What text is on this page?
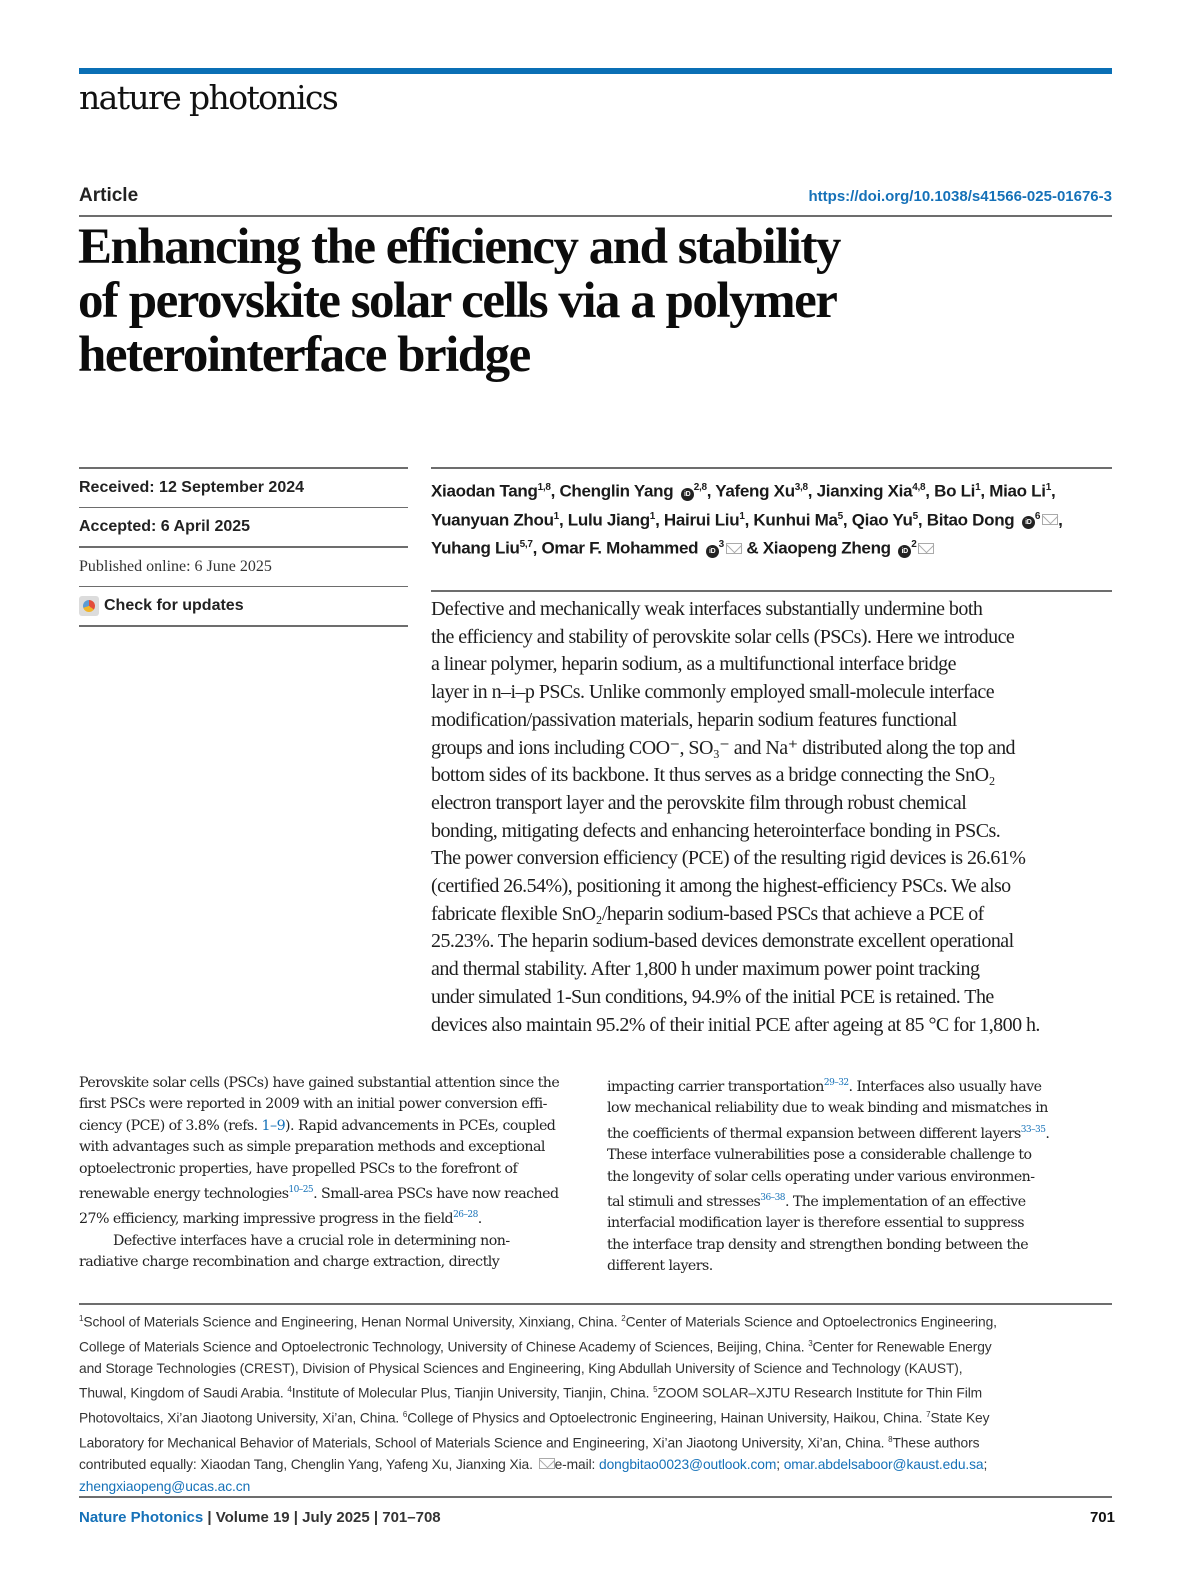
nature photonics
Article	https://doi.org/10.1038/s41566-025-01676-3
Enhancing the efficiency and stability
of perovskite solar cells via a polymer
heterointerface bridge
Received: 12 September 2024
Accepted: 6 April 2025
Published online: 6 June 2025
Check for updates
Xiaodan Tang$^{1,8}$, Chenglin Yang iD$^{2,8}$, Yafeng Xu$^{3,8}$, Jianxing Xia$^{4,8}$, Bo Li$^1$, Miao Li$^1$,
Yuanyuan Zhou$^1$, Lulu Jiang$^1$, Hairui Liu$^1$, Kunhui Ma$^5$, Qiao Yu$^5$, Bitao Dong $iD^6$ ,
Yuhang Liu$^{5,7}$, Omar F. Mohammed $iD^3$ & Xiaopeng Zheng $iD^2$
Defective and mechanically weak interfaces substantially undermine both
the efficiency and stability of perovskite solar cells (PSCs). Here we introduce
a linear polymer, heparin sodium, as a multifunctional interface bridge
layer in n–i–p PSCs. Unlike commonly employed small-molecule interface
modification/passivation materials, heparin sodium features functional
groups and ions including COO⁻, SO₃⁻ and Na⁺ distributed along the top and
bottom sides of its backbone. It thus serves as a bridge connecting the SnO₂
electron transport layer and the perovskite film through robust chemical
bonding, mitigating defects and enhancing heterointerface bonding in PSCs.
The power conversion efficiency (PCE) of the resulting rigid devices is 26.61%
(certified 26.54%), positioning it among the highest-efficiency PSCs. We also
fabricate flexible SnO₂/heparin sodium-based PSCs that achieve a PCE of
25.23%. The heparin sodium-based devices demonstrate excellent operational
and thermal stability. After 1,800 h under maximum power point tracking
under simulated 1-Sun conditions, 94.9% of the initial PCE is retained. The
devices also maintain 95.2% of their initial PCE after ageing at 85 °C for 1,800 h.
Perovskite solar cells (PSCs) have gained substantial attention since the
first PSCs were reported in 2009 with an initial power conversion effi-
ciency (PCE) of 3.8% (refs. 1–9). Rapid advancements in PCEs, coupled
with advantages such as simple preparation methods and exceptional
optoelectronic properties, have propelled PSCs to the forefront of
renewable energy technologies$^{10-25}$. Small-area PSCs have now reached
27% efficiency, marking impressive progress in the field$^{26-28}$.
Defective interfaces have a crucial role in determining non-
radiative charge recombination and charge extraction, directly
impacting carrier transportation$^{29-32}$. Interfaces also usually have
low mechanical reliability due to weak binding and mismatches in
the coefficients of thermal expansion between different layers$^{33-35}$.
These interface vulnerabilities pose a considerable challenge to
the longevity of solar cells operating under various environmen-
tal stimuli and stresses$^{36-38}$. The implementation of an effective
interfacial modification layer is therefore essential to suppress
the interface trap density and strengthen bonding between the
different layers.
$^1$School of Materials Science and Engineering, Henan Normal University, Xinxiang, China. $^2$Center of Materials Science and Optoelectronics Engineering,
College of Materials Science and Optoelectronic Technology, University of Chinese Academy of Sciences, Beijing, China. $^3$Center for Renewable Energy
and Storage Technologies (CREST), Division of Physical Sciences and Engineering, King Abdullah University of Science and Technology (KAUST),
Thuwal, Kingdom of Saudi Arabia. $^4$Institute of Molecular Plus, Tianjin University, Tianjin, China. $^5$ZOOM SOLAR–XJTU Research Institute for Thin Film
Photovoltaics, Xi’an Jiaotong University, Xi’an, China. $^6$College of Physics and Optoelectronic Engineering, Hainan University, Haikou, China. $^7$State Key
Laboratory for Mechanical Behavior of Materials, School of Materials Science and Engineering, Xi’an Jiaotong University, Xi’an, China. $^8$These authors
contributed equally: Xiaodan Tang, Chenglin Yang, Yafeng Xu, Jianxing Xia. e-mail: dongbitao0023@outlook.com; omar.abdelsaboor@kaust.edu.sa;
zhengxiaopeng@ucas.ac.cn
Nature Photonics | Volume 19 | July 2025 | 701–708	701
